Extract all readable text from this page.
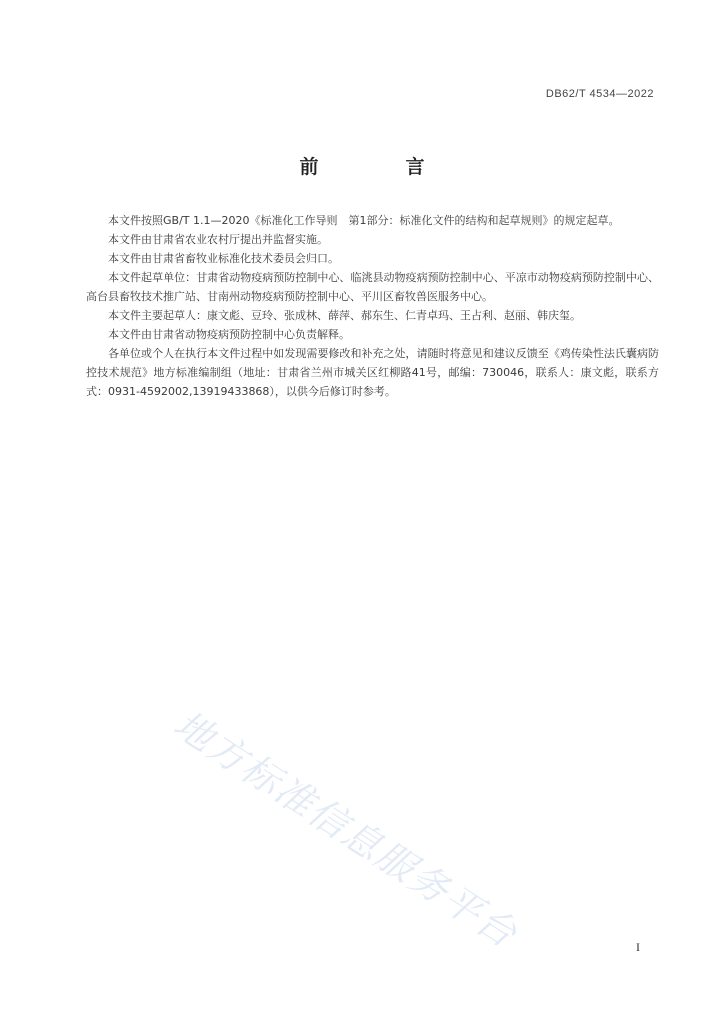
DB62/T 4534—2022
前　言

本文件按照GB/T 1.1—2020《标准化工作导则　第1部分：标准化文件的结构和起草规则》的规定起草。

本文件由甘肃省农业农村厅提出并监督实施。

本文件由甘肃省畜牧业标准化技术委员会归口。

本文件起草单位：甘肃省动物疫病预防控制中心、临洮县动物疫病预防控制中心、平凉市动物疫病预防控制中心、高台县畜牧技术推广站、甘南州动物疫病预防控制中心、平川区畜牧兽医服务中心。

本文件主要起草人：康文彪、豆玲、张成林、薛萍、郝东生、仁青卓玛、王占利、赵丽、韩庆玺。

本文件由甘肃省动物疫病预防控制中心负责解释。

各单位或个人在执行本文件过程中如发现需要修改和补充之处，请随时将意见和建议反馈至《鸡传染性法氏囊病防控技术规范》地方标准编制组（地址：甘肃省兰州市城关区红柳路41号，邮编：730046，联系人：康文彪，联系方式：0931-4592002,13919433868），以供今后修订时参考。

地方标准信息服务平台	I
